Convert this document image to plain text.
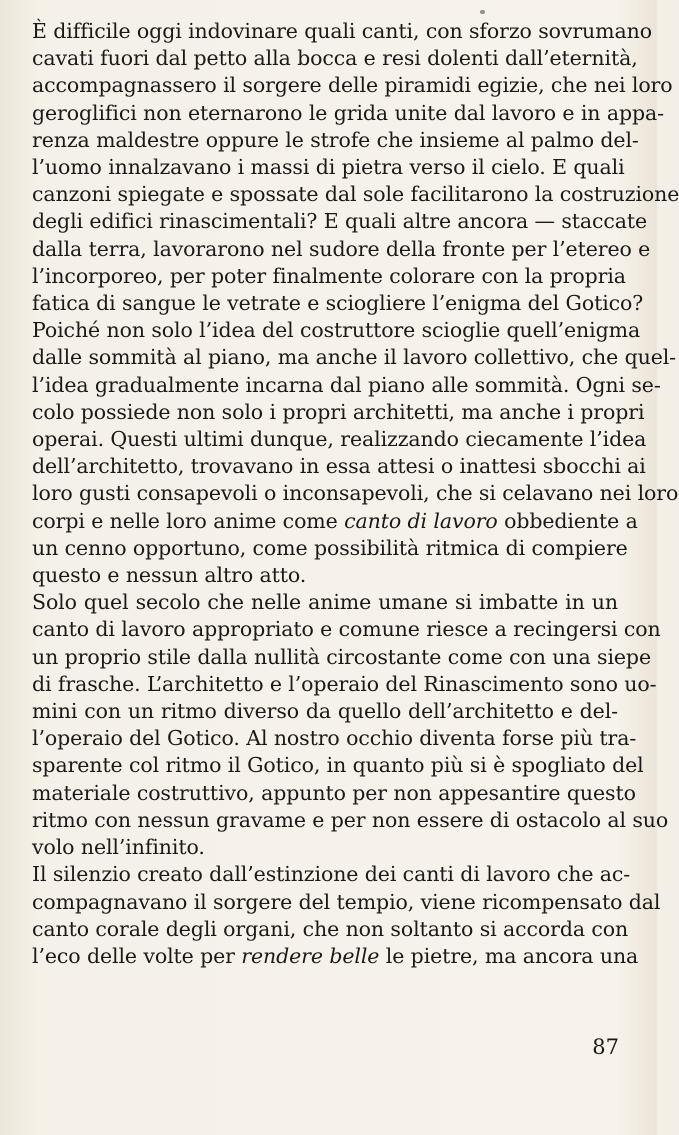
È difficile oggi indovinare quali canti, con sforzo sovrumano
cavati fuori dal petto alla bocca e resi dolenti dall’eternità,
accompagnassero il sorgere delle piramidi egizie, che nei loro
geroglifici non eternarono le grida unite dal lavoro e in appa-
renza maldestre oppure le strofe che insieme al palmo del-
l’uomo innalzavano i massi di pietra verso il cielo. E quali
canzoni spiegate e spossate dal sole facilitarono la costruzione
degli edifici rinascimentali? E quali altre ancora — staccate
dalla terra, lavorarono nel sudore della fronte per l’etereo e
l’incorporeo, per poter finalmente colorare con la propria
fatica di sangue le vetrate e sciogliere l’enigma del Gotico?
Poiché non solo l’idea del costruttore scioglie quell’enigma
dalle sommità al piano, ma anche il lavoro collettivo, che quel-
l’idea gradualmente incarna dal piano alle sommità. Ogni se-
colo possiede non solo i propri architetti, ma anche i propri
operai. Questi ultimi dunque, realizzando ciecamente l’idea
dell’architetto, trovavano in essa attesi o inattesi sbocchi ai
loro gusti consapevoli o inconsapevoli, che si celavano nei loro
corpi e nelle loro anime come canto di lavoro obbediente a
un cenno opportuno, come possibilità ritmica di compiere
questo e nessun altro atto.
Solo quel secolo che nelle anime umane si imbatte in un
canto di lavoro appropriato e comune riesce a recingersi con
un proprio stile dalla nullità circostante come con una siepe
di frasche. L’architetto e l’operaio del Rinascimento sono uo-
mini con un ritmo diverso da quello dell’architetto e del-
l’operaio del Gotico. Al nostro occhio diventa forse più tra-
sparente col ritmo il Gotico, in quanto più si è spogliato del
materiale costruttivo, appunto per non appesantire questo
ritmo con nessun gravame e per non essere di ostacolo al suo
volo nell’infinito.
Il silenzio creato dall’estinzione dei canti di lavoro che ac-
compagnavano il sorgere del tempio, viene ricompensato dal
canto corale degli organi, che non soltanto si accorda con
l’eco delle volte per rendere belle le pietre, ma ancora una
87
